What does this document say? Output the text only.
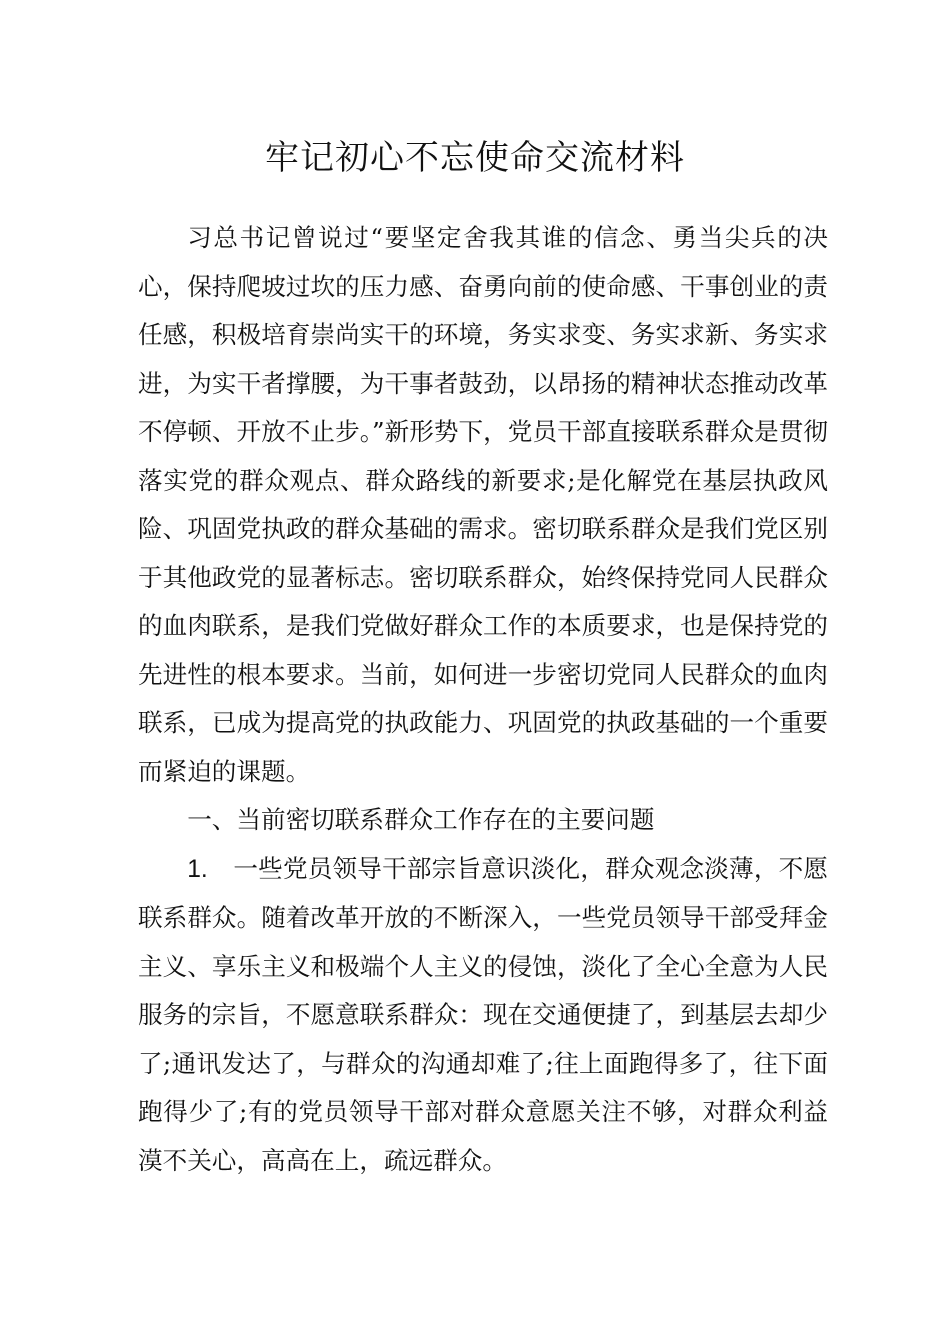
牢记初心不忘使命交流材料

习总书记曾说过“要坚定舍我其谁的信念、勇当尖兵的决心，保持爬坡过坎的压力感、奋勇向前的使命感、干事创业的责任感，积极培育崇尚实干的环境，务实求变、务实求新、务实求进，为实干者撑腰，为干事者鼓劲，以昂扬的精神状态推动改革不停顿、开放不止步。”新形势下，党员干部直接联系群众是贯彻落实党的群众观点、群众路线的新要求;是化解党在基层执政风险、巩固党执政的群众基础的需求。密切联系群众是我们党区别于其他政党的显著标志。密切联系群众，始终保持党同人民群众的血肉联系，是我们党做好群众工作的本质要求，也是保持党的先进性的根本要求。当前，如何进一步密切党同人民群众的血肉联系，已成为提高党的执政能力、巩固党的执政基础的一个重要而紧迫的课题。

一、当前密切联系群众工作存在的主要问题

1. 一些党员领导干部宗旨意识淡化，群众观念淡薄，不愿联系群众。随着改革开放的不断深入，一些党员领导干部受拜金主义、享乐主义和极端个人主义的侵蚀，淡化了全心全意为人民服务的宗旨，不愿意联系群众：现在交通便捷了，到基层去却少了;通讯发达了，与群众的沟通却难了;往上面跑得多了，往下面跑得少了;有的党员领导干部对群众意愿关注不够，对群众利益漠不关心，高高在上，疏远群众。
